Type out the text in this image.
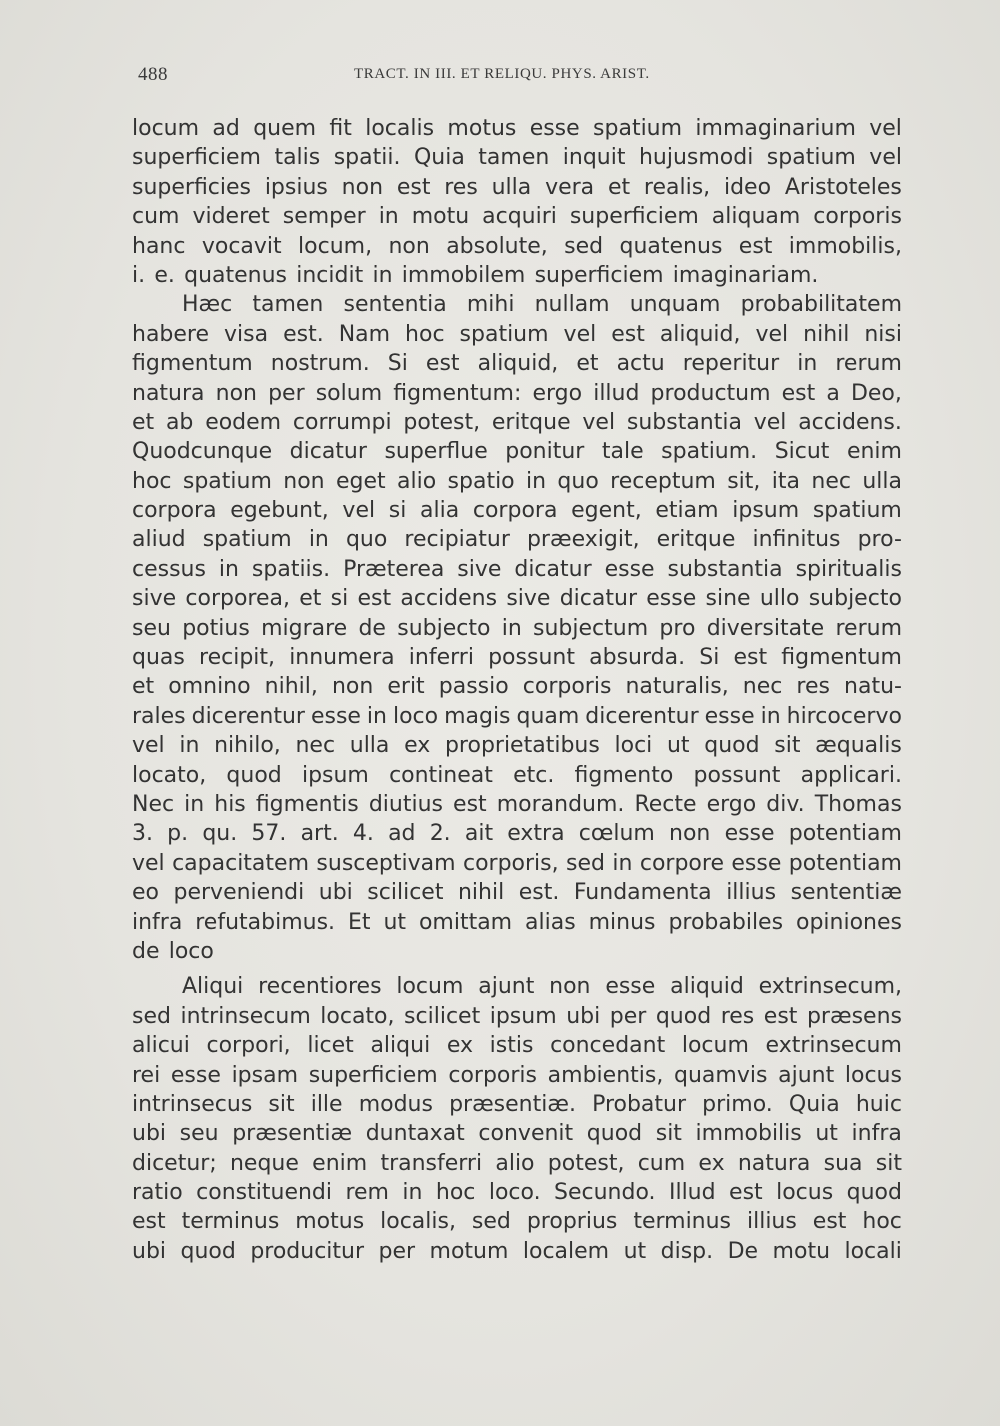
488	TRACT. IN III. ET RELIQU. PHYS. ARIST.
locum ad quem fit localis motus esse spatium immaginarium vel
superficiem talis spatii. Quia tamen inquit hujusmodi spatium vel
superficies ipsius non est res ulla vera et realis, ideo Aristoteles
cum videret semper in motu acquiri superficiem aliquam corporis
hanc vocavit locum, non absolute, sed quatenus est immobilis,
i. e. quatenus incidit in immobilem superficiem imaginariam.
Hæc tamen sententia mihi nullam unquam probabilitatem
habere visa est. Nam hoc spatium vel est aliquid, vel nihil nisi
figmentum nostrum. Si est aliquid, et actu reperitur in rerum
natura non per solum figmentum: ergo illud productum est a Deo,
et ab eodem corrumpi potest, eritque vel substantia vel accidens.
Quodcunque dicatur superflue ponitur tale spatium. Sicut enim
hoc spatium non eget alio spatio in quo receptum sit, ita nec ulla
corpora egebunt, vel si alia corpora egent, etiam ipsum spatium
aliud spatium in quo recipiatur præexigit, eritque infinitus pro-
cessus in spatiis. Præterea sive dicatur esse substantia spiritualis
sive corporea, et si est accidens sive dicatur esse sine ullo subjecto
seu potius migrare de subjecto in subjectum pro diversitate rerum
quas recipit, innumera inferri possunt absurda. Si est figmentum
et omnino nihil, non erit passio corporis naturalis, nec res natu-
rales dicerentur esse in loco magis quam dicerentur esse in hircocervo
vel in nihilo, nec ulla ex proprietatibus loci ut quod sit æqualis
locato, quod ipsum contineat etc. figmento possunt applicari.
Nec in his figmentis diutius est morandum. Recte ergo div. Thomas
3. p. qu. 57. art. 4. ad 2. ait extra cœlum non esse potentiam
vel capacitatem susceptivam corporis, sed in corpore esse potentiam
eo perveniendi ubi scilicet nihil est. Fundamenta illius sententiæ
infra refutabimus. Et ut omittam alias minus probabiles opiniones
de loco
Aliqui recentiores locum ajunt non esse aliquid extrinsecum,
sed intrinsecum locato, scilicet ipsum ubi per quod res est præsens
alicui corpori, licet aliqui ex istis concedant locum extrinsecum
rei esse ipsam superficiem corporis ambientis, quamvis ajunt locus
intrinsecus sit ille modus præsentiæ. Probatur primo. Quia huic
ubi seu præsentiæ duntaxat convenit quod sit immobilis ut infra
dicetur; neque enim transferri alio potest, cum ex natura sua sit
ratio constituendi rem in hoc loco. Secundo. Illud est locus quod
est terminus motus localis, sed proprius terminus illius est hoc
ubi quod producitur per motum localem ut disp. De motu locali
